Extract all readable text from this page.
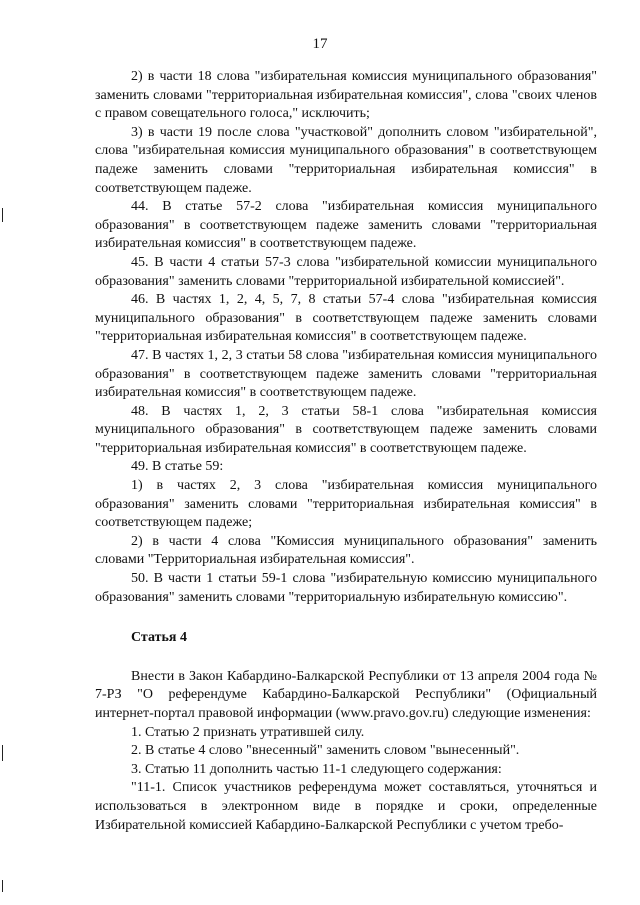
17

2) в части 18 слова "избирательная комиссия муниципального образования" заменить словами "территориальная избирательная комиссия", слова "своих членов с правом совещательного голоса," исключить;

3) в части 19 после слова "участковой" дополнить словом "избирательной", слова "избирательная комиссия муниципального образования" в соответствующем падеже заменить словами "территориальная избирательная комиссия" в соответствующем падеже.

44. В статье 57-2 слова "избирательная комиссия муниципального образования" в соответствующем падеже заменить словами "территориальная избирательная комиссия" в соответствующем падеже.

45. В части 4 статьи 57-3 слова "избирательной комиссии муниципального образования" заменить словами "территориальной избирательной комиссией".

46. В частях 1, 2, 4, 5, 7, 8 статьи 57-4 слова "избирательная комиссия муниципального образования" в соответствующем падеже заменить словами "территориальная избирательная комиссия" в соответствующем падеже.

47. В частях 1, 2, 3 статьи 58 слова "избирательная комиссия муниципального образования" в соответствующем падеже заменить словами "территориальная избирательная комиссия" в соответствующем падеже.

48. В частях 1, 2, 3 статьи 58-1 слова "избирательная комиссия муниципального образования" в соответствующем падеже заменить словами "территориальная избирательная комиссия" в соответствующем падеже.

49. В статье 59:

1) в частях 2, 3 слова "избирательная комиссия муниципального образования" заменить словами "территориальная избирательная комиссия" в соответствующем падеже;

2) в части 4 слова "Комиссия муниципального образования" заменить словами "Территориальная избирательная комиссия".

50. В части 1 статьи 59-1 слова "избирательную комиссию муниципального образования" заменить словами "территориальную избирательную комиссию".

Статья 4

Внести в Закон Кабардино-Балкарской Республики от 13 апреля 2004 года № 7-РЗ "О референдуме Кабардино-Балкарской Республики" (Официальный интернет-портал правовой информации (www.pravo.gov.ru) следующие изменения:

1. Статью 2 признать утратившей силу.

2. В статье 4 слово "внесенный" заменить словом "вынесенный".

3. Статью 11 дополнить частью 11-1 следующего содержания:

"11-1. Список участников референдума может составляться, уточняться и использоваться в электронном виде в порядке и сроки, определенные Избирательной комиссией Кабардино-Балкарской Республики с учетом требо-
